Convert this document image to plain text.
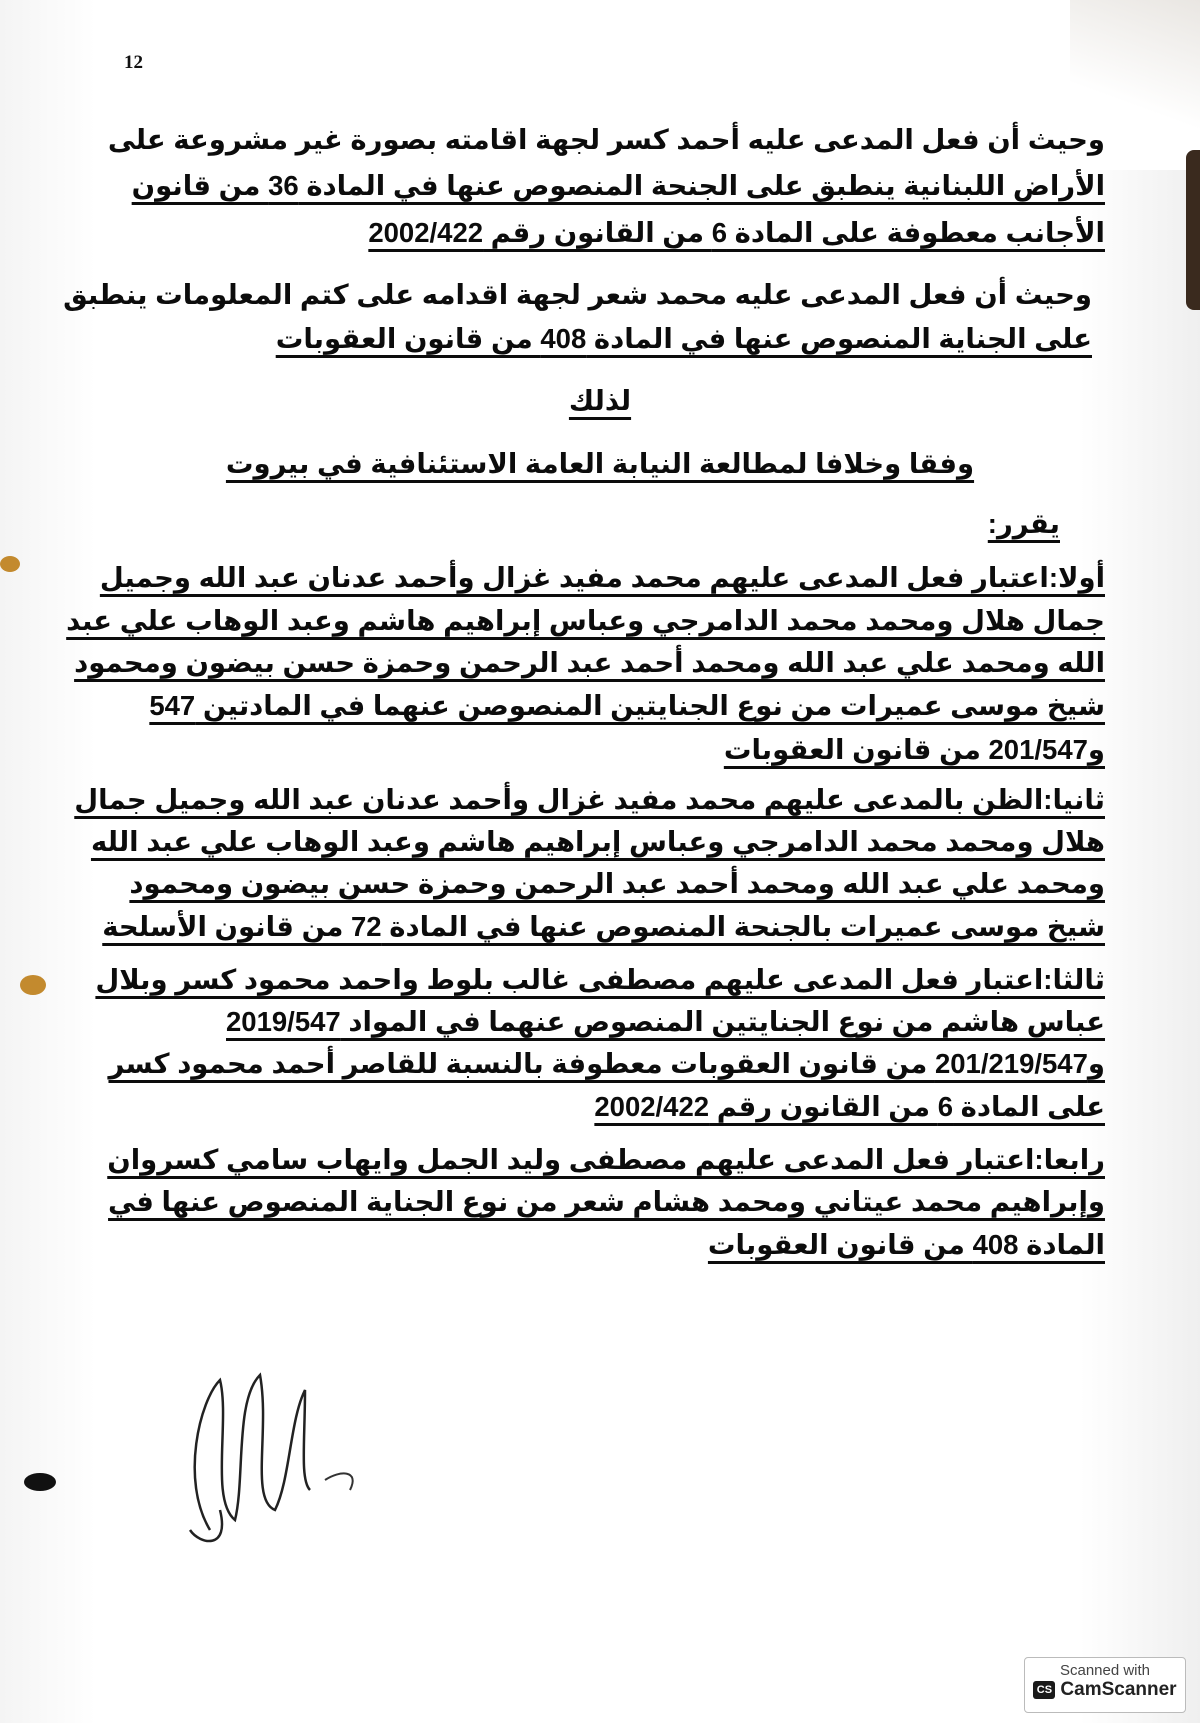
12
وحيث أن فعل المدعى عليه أحمد كسر لجهة اقامته بصورة غير مشروعة على
الأراض اللبنانية ينطبق على الجنحة المنصوص عنها في المادة 36 من قانون
الأجانب معطوفة على المادة 6 من القانون رقم 2002/422
وحيث أن فعل المدعى عليه محمد شعر لجهة اقدامه على كتم المعلومات ينطبق
على الجناية المنصوص عنها في المادة 408 من قانون العقوبات
لذلك
وفقا وخلافا لمطالعة النيابة العامة الاستئنافية في بيروت
يقرر:
أولا:اعتبار فعل المدعى عليهم محمد مفيد غزال وأحمد عدنان عبد الله وجميل
جمال هلال ومحمد محمد الدامرجي وعباس إبراهيم هاشم وعبد الوهاب علي عبد
الله ومحمد علي عبد الله ومحمد أحمد عبد الرحمن وحمزة حسن بيضون ومحمود
شيخ موسى عميرات من نوع الجنايتين المنصوصن عنهما في المادتين 547
و201/547 من قانون العقوبات
ثانيا:الظن بالمدعى عليهم محمد مفيد غزال وأحمد عدنان عبد الله وجميل جمال
هلال ومحمد محمد الدامرجي وعباس إبراهيم هاشم وعبد الوهاب علي عبد الله
ومحمد علي عبد الله ومحمد أحمد عبد الرحمن وحمزة حسن بيضون ومحمود
شيخ موسى عميرات بالجنحة المنصوص عنها في المادة 72 من قانون الأسلحة
ثالثا:اعتبار فعل المدعى عليهم مصطفى غالب بلوط واحمد محمود كسر وبلال
عباس هاشم من نوع الجنايتين المنصوص عنهما في المواد 2019/547
و201/219/547 من قانون العقوبات معطوفة بالنسبة للقاصر أحمد محمود كسر
على المادة 6 من القانون رقم 2002/422
رابعا:اعتبار فعل المدعى عليهم مصطفى وليد الجمل وايهاب سامي كسروان
وإبراهيم محمد عيتاني ومحمد هشام شعر من نوع الجناية المنصوص عنها في
المادة 408 من قانون العقوبات
Scanned with
CS CamScanner
